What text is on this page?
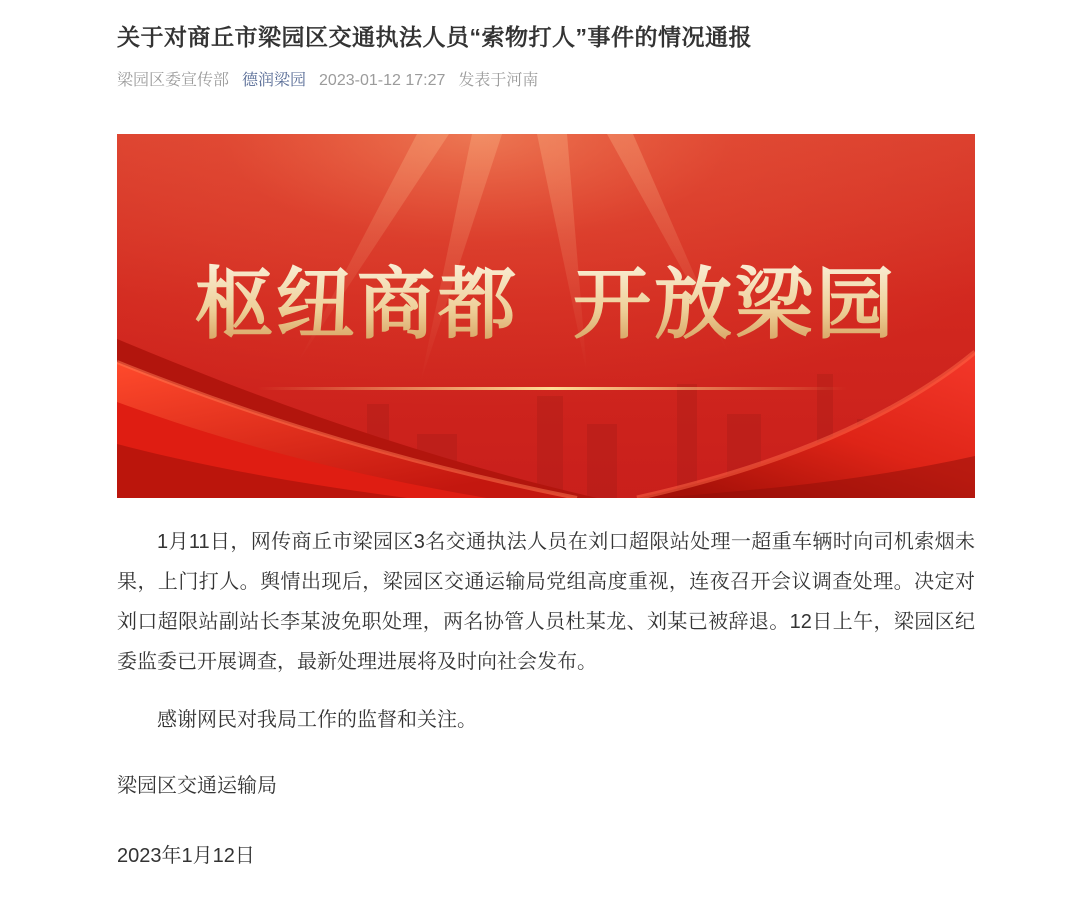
关于对商丘市梁园区交通执法人员“索物打人”事件的情况通报
梁园区委宣传部 德润梁园 2023-01-12 17:27 发表于河南
枢纽商都 开放梁园

1月11日，网传商丘市梁园区3名交通执法人员在刘口超限站处理一超重车辆时向司机索烟未果，上门打人。舆情出现后，梁园区交通运输局党组高度重视，连夜召开会议调查处理。决定对刘口超限站副站长李某波免职处理，两名协管人员杜某龙、刘某已被辞退。12日上午，梁园区纪委监委已开展调查，最新处理进展将及时向社会发布。

感谢网民对我局工作的监督和关注。

梁园区交通运输局

2023年1月12日
